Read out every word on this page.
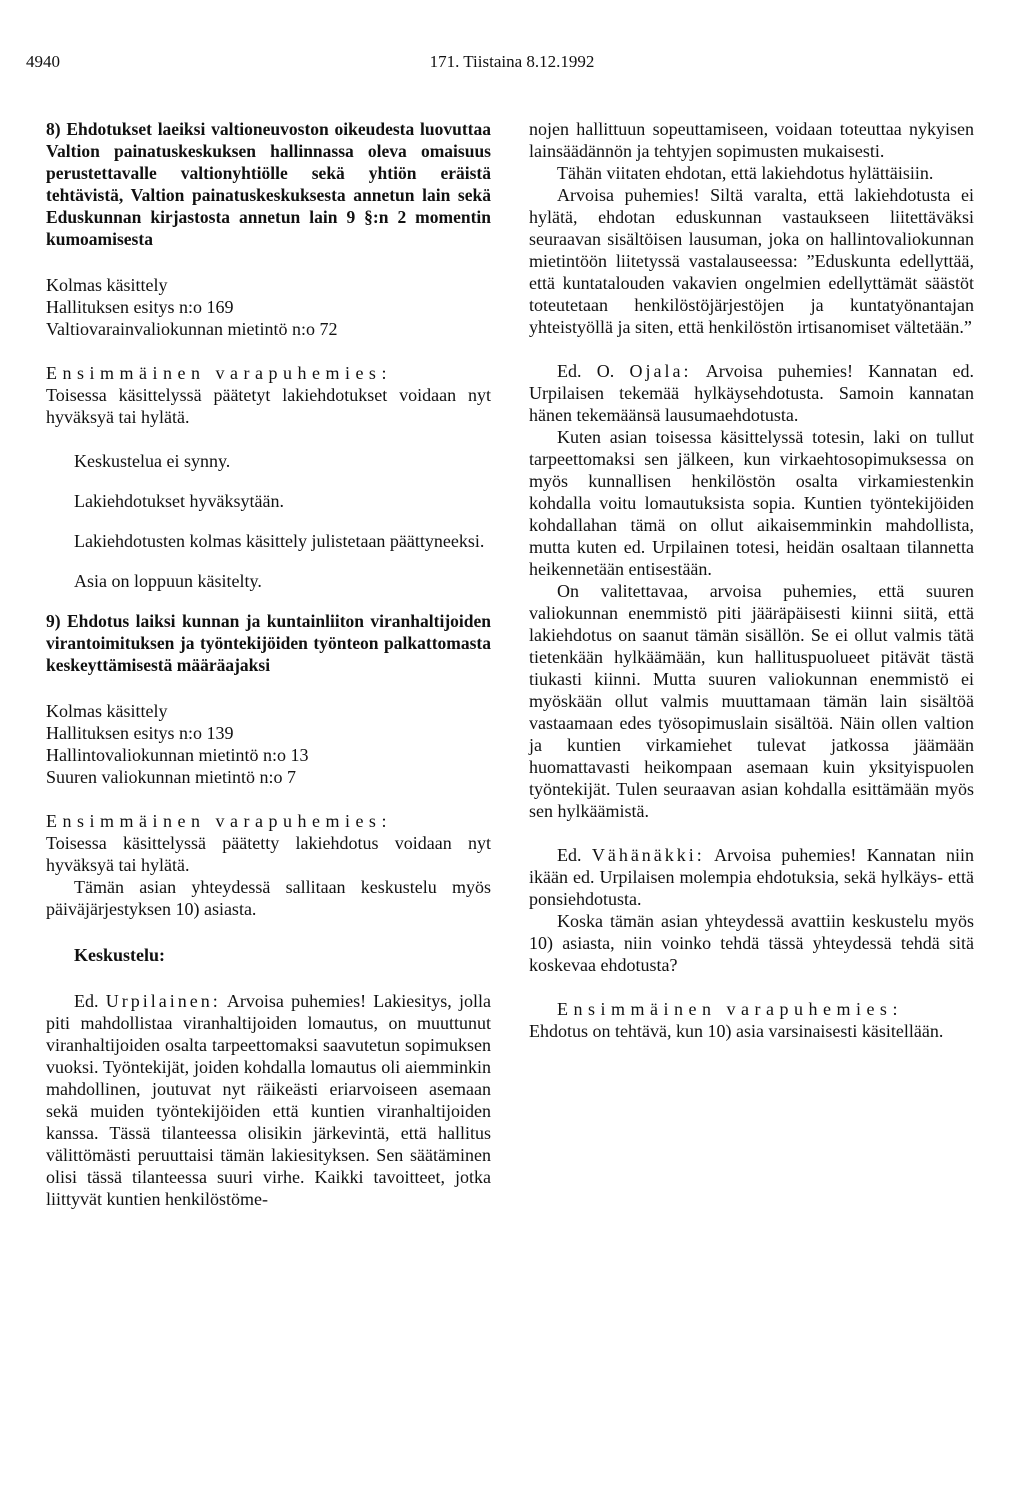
4940	171. Tiistaina 8.12.1992

8) Ehdotukset laeiksi valtioneuvoston oikeudesta luovuttaa Valtion painatuskeskuksen hallinnassa oleva omaisuus perustettavalle valtionyhtiölle sekä yhtiön eräistä tehtävistä, Valtion painatuskeskuksesta annetun lain sekä Eduskunnan kirjastosta annetun lain 9 §:n 2 momentin kumoamisesta

Kolmas käsittely
Hallituksen esitys n:o 169
Valtiovarainvaliokunnan mietintö n:o 72

Ensimmäinen varapuhemies:
Toisessa käsittelyssä päätetyt lakiehdotukset voidaan nyt hyväksyä tai hylätä.

Keskustelua ei synny.

Lakiehdotukset hyväksytään.

Lakiehdotusten kolmas käsittely julistetaan päättyneeksi.

Asia on loppuun käsitelty.

9) Ehdotus laiksi kunnan ja kuntainliiton viranhaltijoiden virantoimituksen ja työntekijöiden työnteon palkattomasta keskeyttämisestä määräajaksi

Kolmas käsittely
Hallituksen esitys n:o 139
Hallintovaliokunnan mietintö n:o 13
Suuren valiokunnan mietintö n:o 7

Ensimmäinen varapuhemies:
Toisessa käsittelyssä päätetty lakiehdotus voidaan nyt hyväksyä tai hylätä.

Tämän asian yhteydessä sallitaan keskustelu myös päiväjärjestyksen 10) asiasta.

Keskustelu:

Ed. Urpilainen: Arvoisa puhemies! Lakiesitys, jolla piti mahdollistaa viranhaltijoiden lomautus, on muuttunut viranhaltijoiden osalta tarpeettomaksi saavutetun sopimuksen vuoksi. Työntekijät, joiden kohdalla lomautus oli aiemminkin mahdollinen, joutuvat nyt räikeästi eriarvoiseen asemaan sekä muiden työntekijöiden että kuntien viranhaltijoiden kanssa. Tässä tilanteessa olisikin järkevintä, että hallitus välittömästi peruuttaisi tämän lakiesityksen. Sen säätäminen olisi tässä tilanteessa suuri virhe. Kaikki tavoitteet, jotka liittyvät kuntien henkilöstöme-

nojen hallittuun sopeuttamiseen, voidaan toteuttaa nykyisen lainsäädännön ja tehtyjen sopimusten mukaisesti.

Tähän viitaten ehdotan, että lakiehdotus hylättäisiin.

Arvoisa puhemies! Siltä varalta, että lakiehdotusta ei hylätä, ehdotan eduskunnan vastaukseen liitettäväksi seuraavan sisältöisen lausuman, joka on hallintovaliokunnan mietintöön liitetyssä vastalauseessa: ”Eduskunta edellyttää, että kuntatalouden vakavien ongelmien edellyttämät säästöt toteutetaan henkilöstöjärjestöjen ja kuntatyönantajan yhteistyöllä ja siten, että henkilöstön irtisanomiset vältetään.”

Ed. O. Ojala: Arvoisa puhemies! Kannatan ed. Urpilaisen tekemää hylkäysehdotusta. Samoin kannatan hänen tekemäänsä lausumaehdotusta.

Kuten asian toisessa käsittelyssä totesin, laki on tullut tarpeettomaksi sen jälkeen, kun virkaehtosopimuksessa on myös kunnallisen henkilöstön osalta virkamiestenkin kohdalla voitu lomautuksista sopia. Kuntien työntekijöiden kohdallahan tämä on ollut aikaisemminkin mahdollista, mutta kuten ed. Urpilainen totesi, heidän osaltaan tilannetta heikennetään entisestään.

On valitettavaa, arvoisa puhemies, että suuren valiokunnan enemmistö piti jääräpäisesti kiinni siitä, että lakiehdotus on saanut tämän sisällön. Se ei ollut valmis tätä tietenkään hylkäämään, kun hallituspuolueet pitävät tästä tiukasti kiinni. Mutta suuren valiokunnan enemmistö ei myöskään ollut valmis muuttamaan tämän lain sisältöä vastaamaan edes työsopimuslain sisältöä. Näin ollen valtion ja kuntien virkamiehet tulevat jatkossa jäämään huomattavasti heikompaan asemaan kuin yksityispuolen työntekijät. Tulen seuraavan asian kohdalla esittämään myös sen hylkäämistä.

Ed. Vähänäkki: Arvoisa puhemies! Kannatan niin ikään ed. Urpilaisen molempia ehdotuksia, sekä hylkäys- että ponsiehdotusta.

Koska tämän asian yhteydessä avattiin keskustelu myös 10) asiasta, niin voinko tehdä tässä yhteydessä tehdä sitä koskevaa ehdotusta?

Ensimmäinen varapuhemies:
Ehdotus on tehtävä, kun 10) asia varsinaisesti käsitellään.
